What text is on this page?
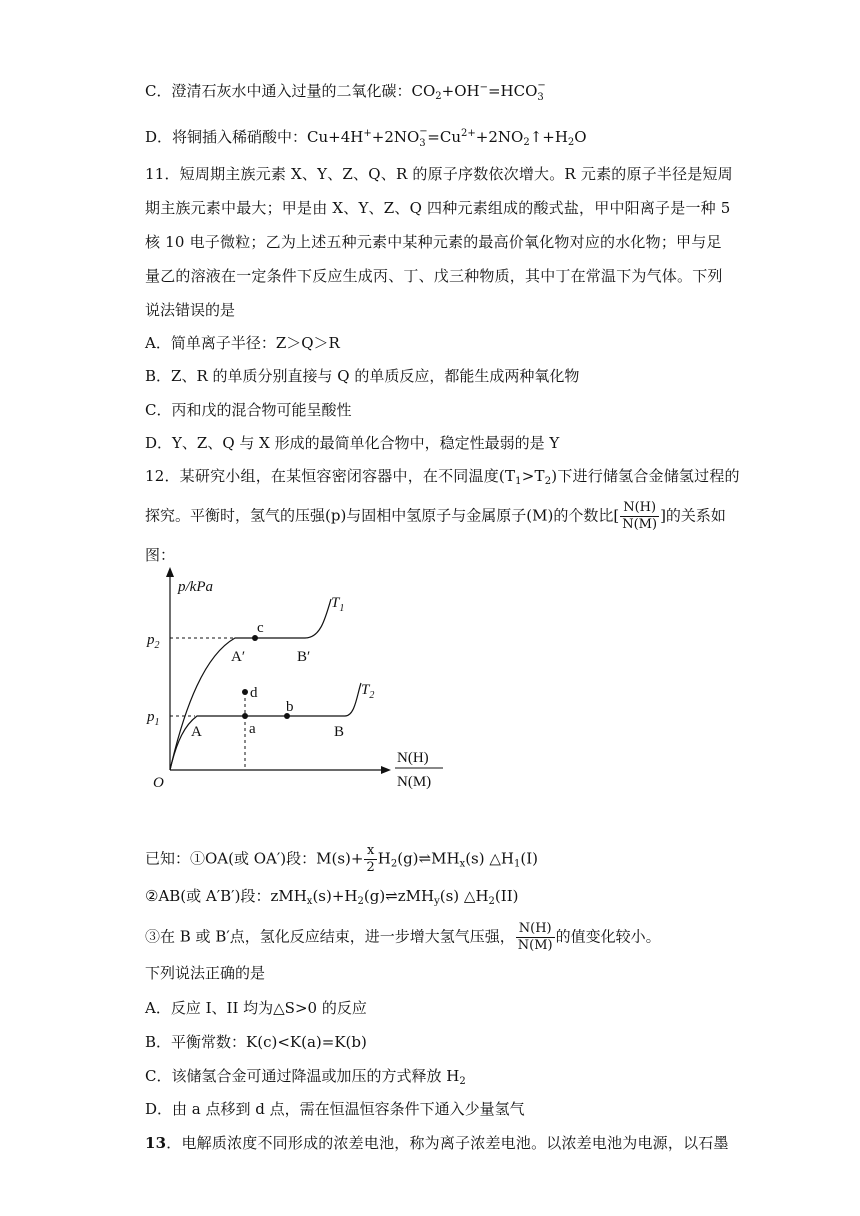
C．澄清石灰水中通入过量的二氧化碳：$CO_2+OH^-=HCO$ −
3
D．将铜插入稀硝酸中：Cu+4H++2NO −
$3 =Cu^{2+}+2NO_2↑+H_2O$
11．短周期主族元素 X、Y、Z、Q、R 的原子序数依次增大。R 元素的原子半径是短周
期主族元素中最大；甲是由 X、Y、Z、Q 四种元素组成的酸式盐，甲中阳离子是一种 5
核 10 电子微粒；乙为上述五种元素中某种元素的最高价氧化物对应的水化物；甲与足
量乙的溶液在一定条件下反应生成丙、丁、戊三种物质，其中丁在常温下为气体。下列
说法错误的是
A．简单离子半径：Z＞Q＞R
B．Z、R 的单质分别直接与 Q 的单质反应，都能生成两种氧化物
C．丙和戊的混合物可能呈酸性
D．Y、Z、Q 与 X 形成的最简单化合物中，稳定性最弱的是 Y
12．某研究小组，在某恒容密闭容器中，在不同温度$(T_1>T_2)$下进行储氢合金储氢过程的
探究。平衡时，氢气的压强(p)与固相中氢原子与金属原子(M)的个数比[ $\frac{N(H)}{N(M)}$ ]的关系如
图：
p/kPa
O
N(H)
N(M)
$p_2$
$p_1$
$T_1$
$T_2$
c
A′	B′
d
a
b
A	B
已知：①OA(或 OA′)段：$M(s)+ \frac{x}{2}$ $H_2(g)\rightleftharpoons MH_x(s)$ $\triangle H_1(I)$
②AB(或 A′B′)段：$zMH_x(s)+H_2(g)\rightleftharpoons zMH_y(s)$ $\triangle H_2(II)$
③在 B 或 B′点，氢化反应结束，进一步增大氢气压强， $\frac{N(H)}{N(M)}$ 的值变化较小。
下列说法正确的是
A．反应 I、II 均为△S>0 的反应
B．平衡常数：K(c)<K(a)=K(b)
C．该储氢合金可通过降温或加压的方式释放 $H_2$
D．由 a 点移到 d 点，需在恒温恒容条件下通入少量氢气
13．电解质浓度不同形成的浓差电池，称为离子浓差电池。以浓差电池为电源，以石墨
